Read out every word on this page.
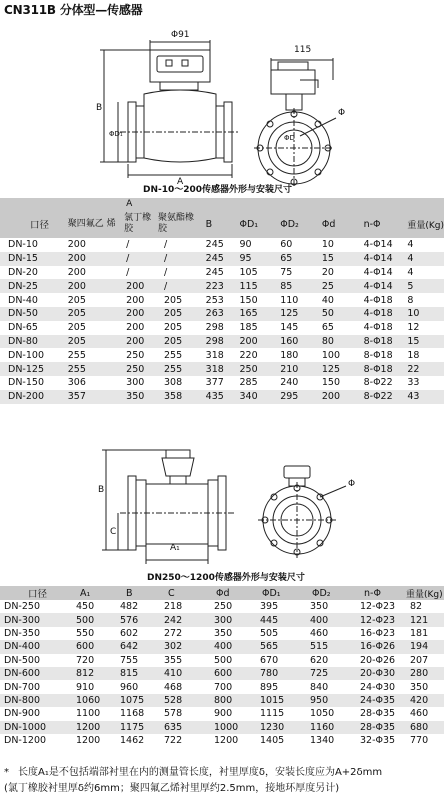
CN311B 分体型—传感器
Φ91
115
B
ΦD₁
A
Φ
ΦD
DN-10～200传感器外形与安装尺寸
		A							
口径	聚四氟乙 烯	氯丁橡胶	聚氨酯橡 胶	B	ΦD₁	ΦD₂	Φd	n-Φ	重量(Kg)
DN-10	200	/	/	245	90	60	10	4-Φ14	4
DN-15	200	/	/	245	95	65	15	4-Φ14	4
DN-20	200	/	/	245	105	75	20	4-Φ14	4
DN-25	200	200	/	223	115	85	25	4-Φ14	5
DN-40	205	200	205	253	150	110	40	4-Φ18	8
DN-50	205	200	205	263	165	125	50	4-Φ18	10
DN-65	205	200	205	298	185	145	65	4-Φ18	12
DN-80	205	200	205	298	200	160	80	8-Φ18	15
DN-100	255	250	255	318	220	180	100	8-Φ18	18
DN-125	255	250	255	318	250	210	125	8-Φ18	22
DN-150	306	300	308	377	285	240	150	8-Φ22	33
DN-200	357	350	358	435	340	295	200	8-Φ22	43
B
C
A₁
Φ
DN250～1200传感器外形与安装尺寸
口径	A₁	B	C	Φd	ΦD₁	ΦD₂	n-Φ	重量(Kg)
DN-250	450	482	218	250	395	350	12-Φ23	82
DN-300	500	576	242	300	445	400	12-Φ23	121
DN-350	550	602	272	350	505	460	16-Φ23	181
DN-400	600	642	302	400	565	515	16-Φ26	194
DN-500	720	755	355	500	670	620	20-Φ26	207
DN-600	812	815	410	600	780	725	20-Φ30	280
DN-700	910	960	468	700	895	840	24-Φ30	350
DN-800	1060	1075	528	800	1015	950	24-Φ35	420
DN-900	1100	1168	578	900	1115	1050	28-Φ35	460
DN-1000	1200	1175	635	1000	1230	1160	28-Φ35	680
DN-1200	1200	1462	722	1200	1405	1340	32-Φ35	770
* 长度A₁是不包括端部衬里在内的测量管长度，衬里厚度δ，安装长度应为A+2δmm
(氯丁橡胶衬里厚δ约6mm；聚四氟乙烯衬里厚约2.5mm，接地环厚度另计)
